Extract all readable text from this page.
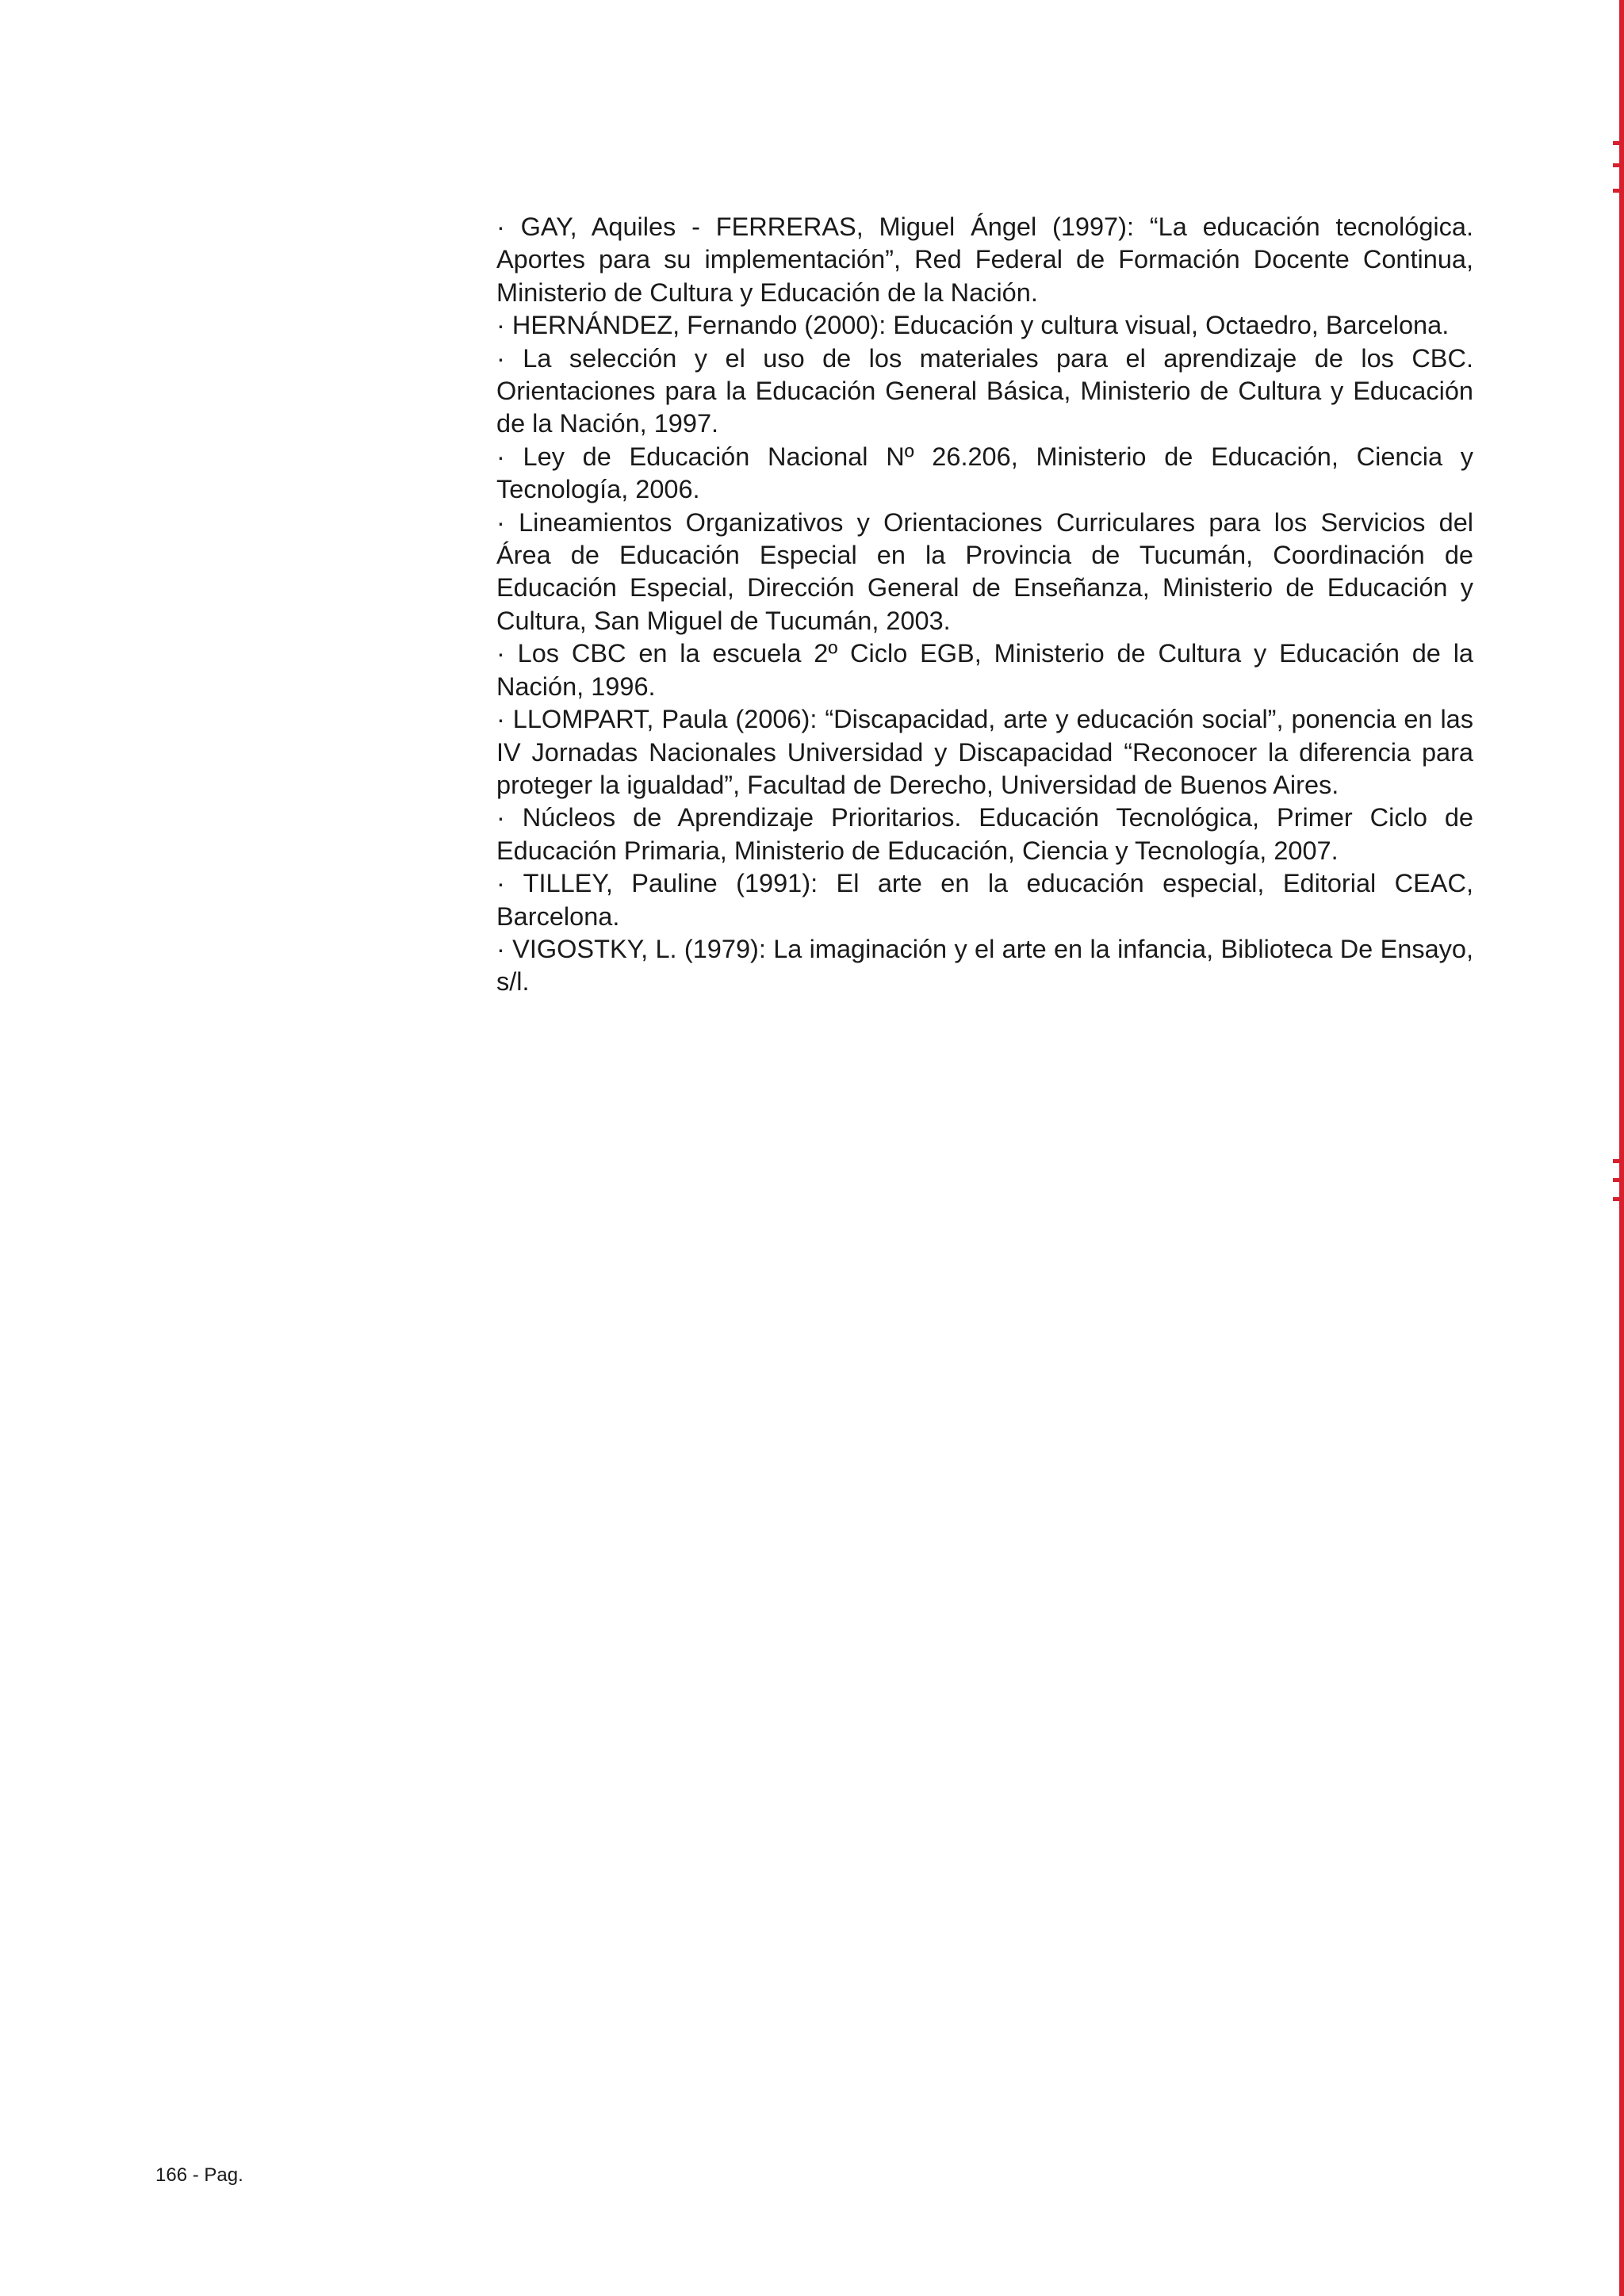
· GAY, Aquiles - FERRERAS, Miguel Ángel (1997): “La educación tecnológica. Aportes para su implementación”, Red Federal de Formación Docente Continua, Ministerio de Cultura y Educación de la Nación.
· HERNÁNDEZ, Fernando (2000): Educación y cultura visual, Octaedro, Barcelona.
· La selección y el uso de los materiales para el aprendizaje de los CBC. Orientaciones para la Educación General Básica, Ministerio de Cultura y Educación de la Nación, 1997.
· Ley de Educación Nacional Nº 26.206, Ministerio de Educación, Ciencia y Tecnología, 2006.
· Lineamientos Organizativos y Orientaciones Curriculares para los Servicios del Área de Educación Especial en la Provincia de Tucumán, Coordinación de Educación Especial, Dirección General de Enseñanza, Ministerio de Educación y Cultura, San Miguel de Tucumán, 2003.
· Los CBC en la escuela 2º Ciclo EGB, Ministerio de Cultura y Educación de la Nación, 1996.
· LLOMPART, Paula (2006): “Discapacidad, arte y educación social”, ponencia en las IV Jornadas Nacionales Universidad y Discapacidad “Reconocer la diferencia para proteger la igualdad”, Facultad de Derecho, Universidad de Buenos Aires.
· Núcleos de Aprendizaje Prioritarios. Educación Tecnológica, Primer Ciclo de Educación Primaria, Ministerio de Educación, Ciencia y Tecnología, 2007.
· TILLEY, Pauline (1991): El arte en la educación especial, Editorial CEAC, Barcelona.
· VIGOSTKY, L. (1979): La imaginación y el arte en la infancia, Biblioteca De Ensayo, s/l.
166 - Pag.
